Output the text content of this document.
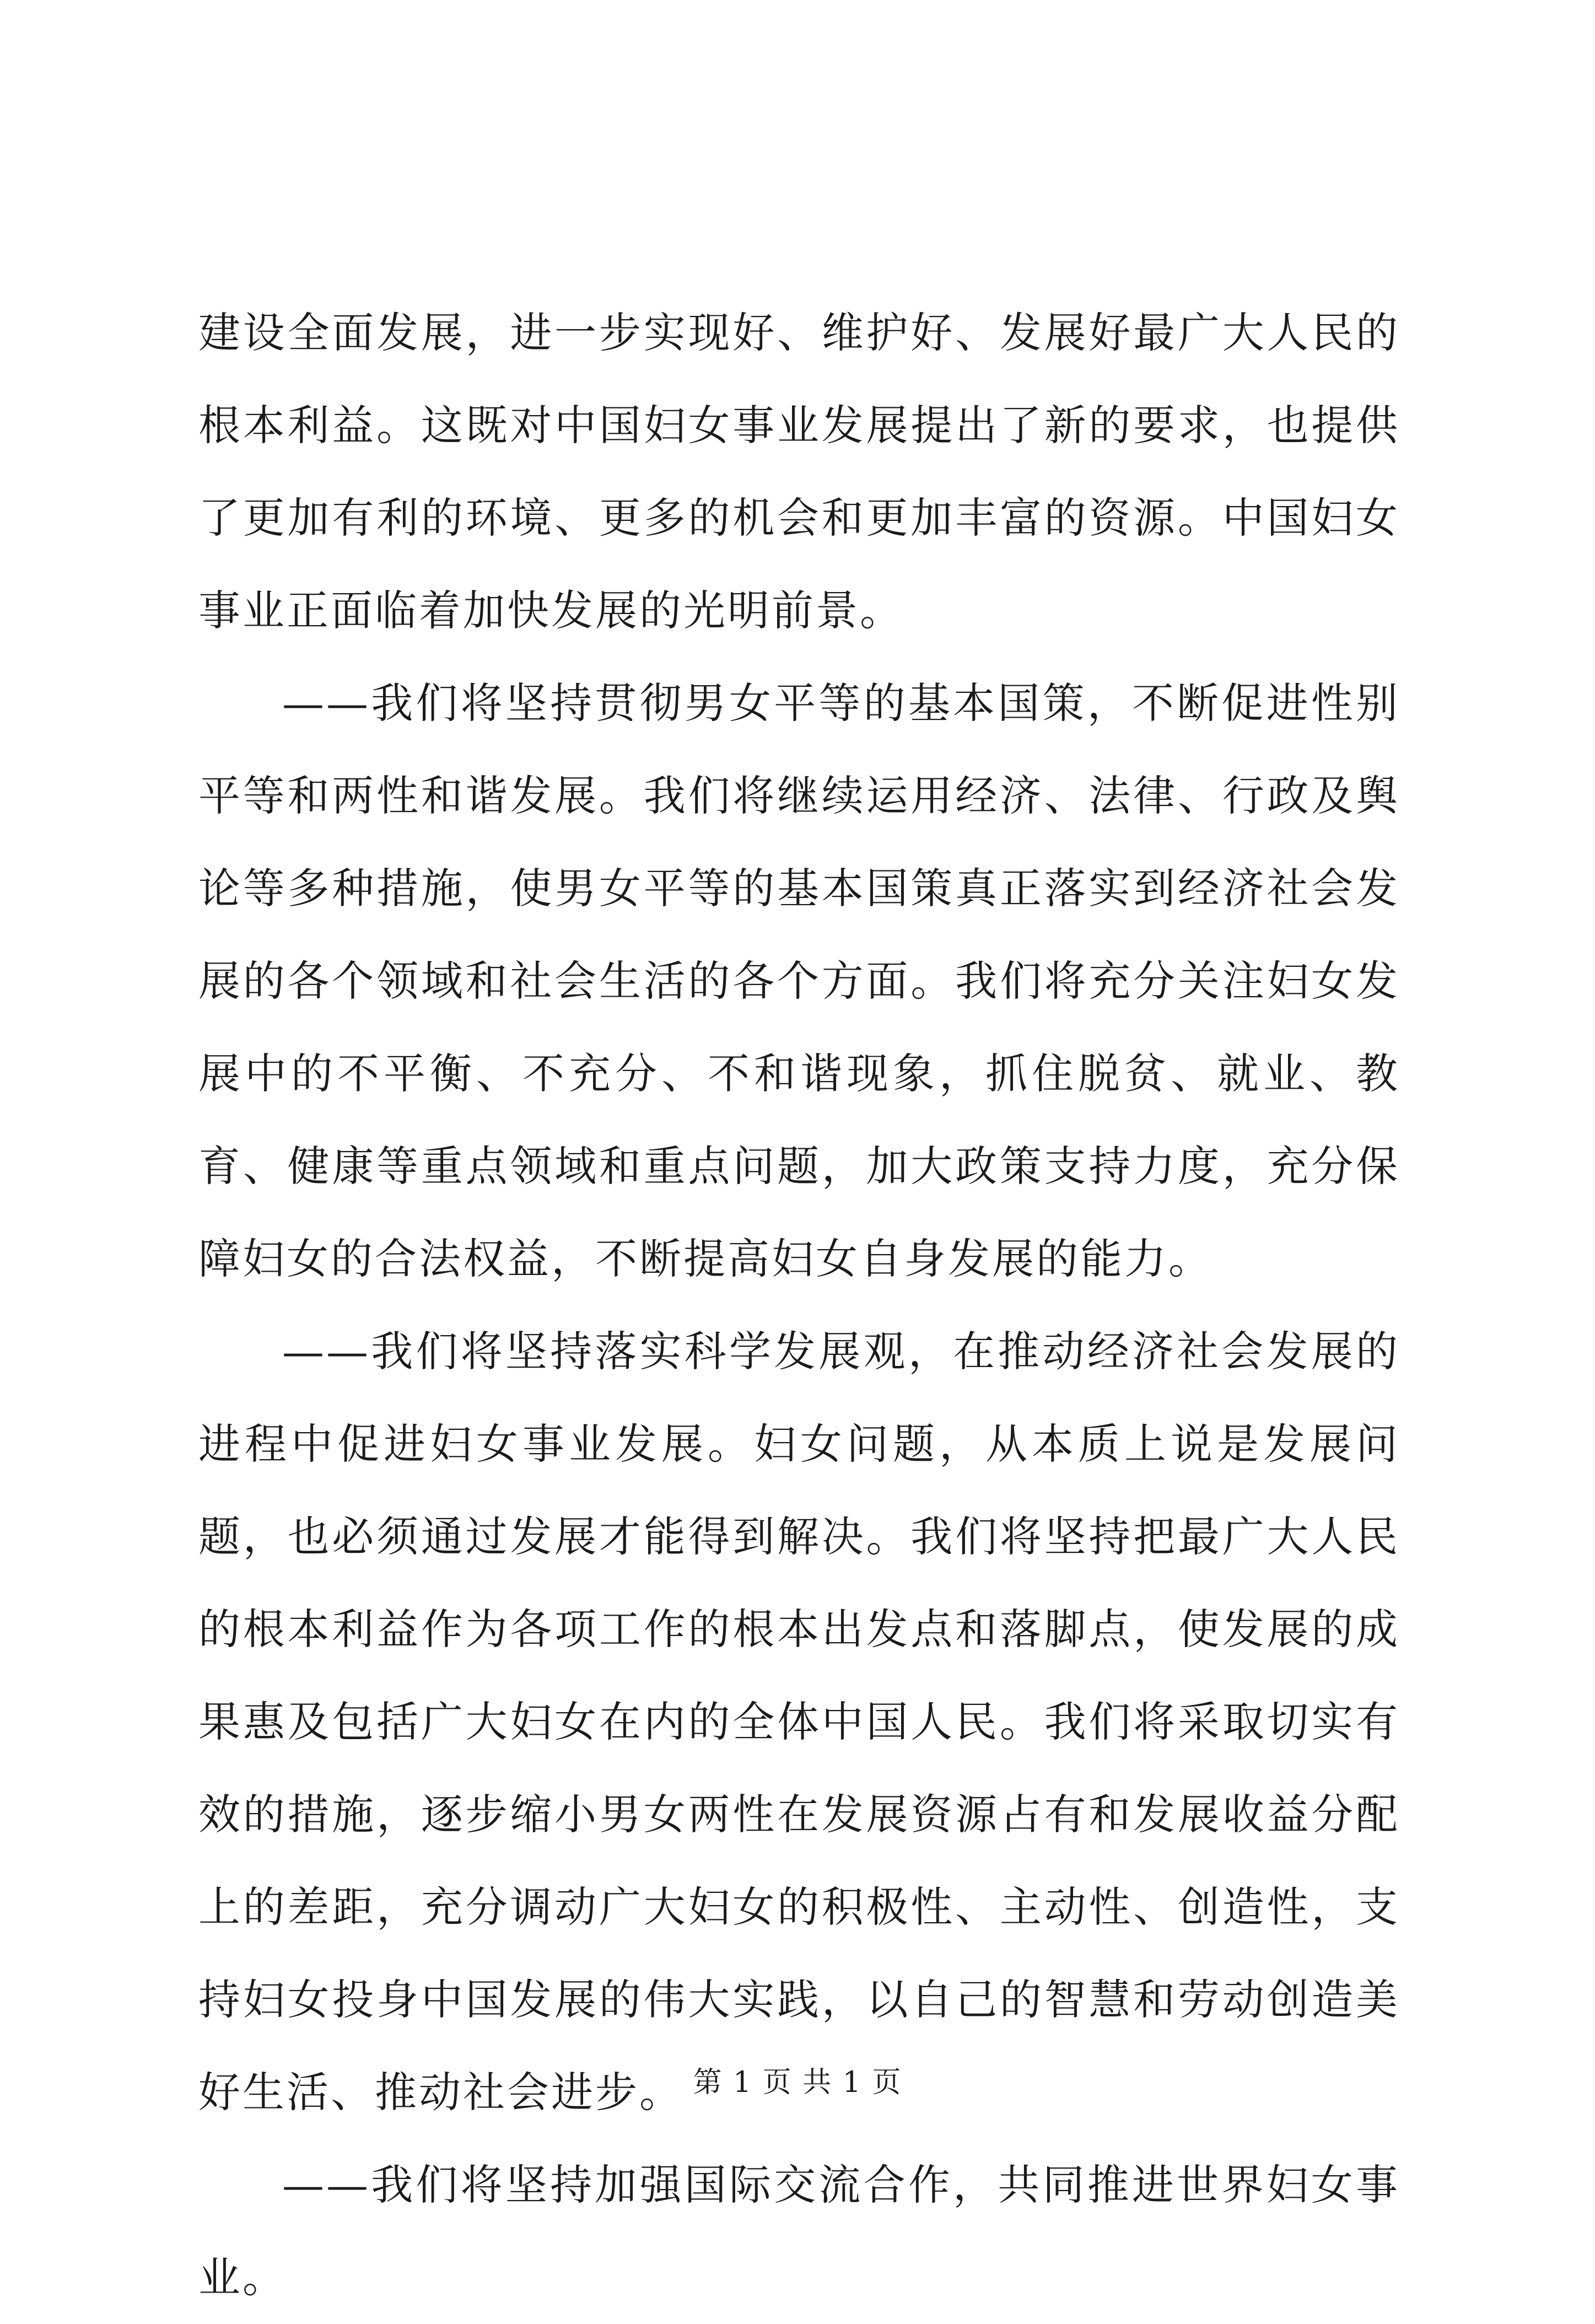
建设全面发展，进一步实现好、维护好、发展好最广大人民的根本利益。这既对中国妇女事业发展提出了新的要求，也提供了更加有利的环境、更多的机会和更加丰富的资源。中国妇女事业正面临着加快发展的光明前景。

——我们将坚持贯彻男女平等的基本国策，不断促进性别平等和两性和谐发展。我们将继续运用经济、法律、行政及舆论等多种措施，使男女平等的基本国策真正落实到经济社会发展的各个领域和社会生活的各个方面。我们将充分关注妇女发展中的不平衡、不充分、不和谐现象，抓住脱贫、就业、教育、健康等重点领域和重点问题，加大政策支持力度，充分保障妇女的合法权益，不断提高妇女自身发展的能力。

——我们将坚持落实科学发展观，在推动经济社会发展的进程中促进妇女事业发展。妇女问题，从本质上说是发展问题，也必须通过发展才能得到解决。我们将坚持把最广大人民的根本利益作为各项工作的根本出发点和落脚点，使发展的成果惠及包括广大妇女在内的全体中国人民。我们将采取切实有效的措施，逐步缩小男女两性在发展资源占有和发展收益分配上的差距，充分调动广大妇女的积极性、主动性、创造性，支持妇女投身中国发展的伟大实践，以自己的智慧和劳动创造美好生活、推动社会进步。

——我们将坚持加强国际交流合作，共同推进世界妇女事业。

第 1 页 共 1 页
